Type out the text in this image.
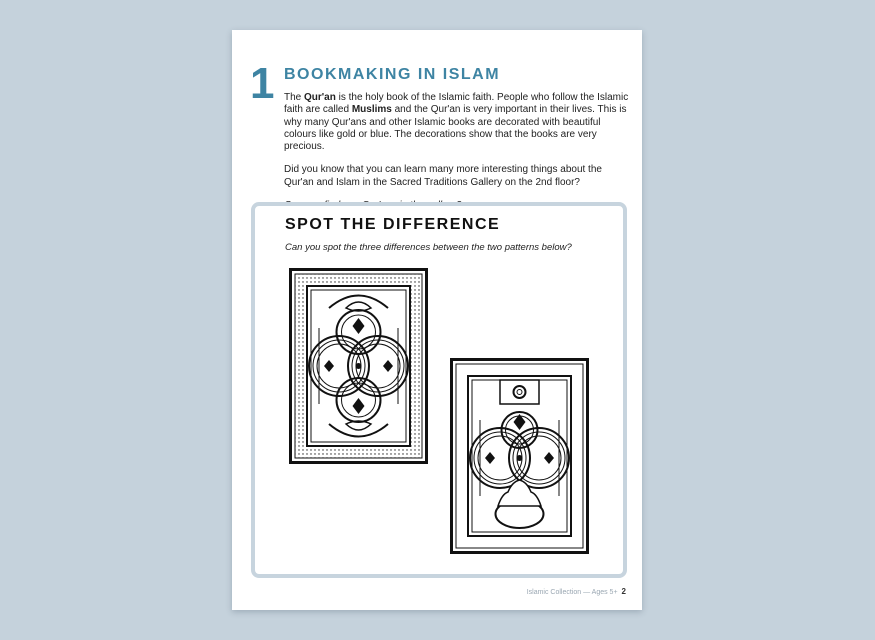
1 BOOKMAKING IN ISLAM

The Qur'an is the holy book of the Islamic faith. People who follow the Islamic faith are called Muslims and the Qur'an is very important in their lives. This is why many Qur'ans and other Islamic books are decorated with beautiful colours like gold or blue. The decorations show that the books are very precious.

Did you know that you can learn many more interesting things about the Qur'an and Islam in the Sacred Traditions Gallery on the 2nd floor?

SPOT THE DIFFERENCE
Can you spot the three differences between the two patterns below?
Islamic Collection — Ages 5+ 2
